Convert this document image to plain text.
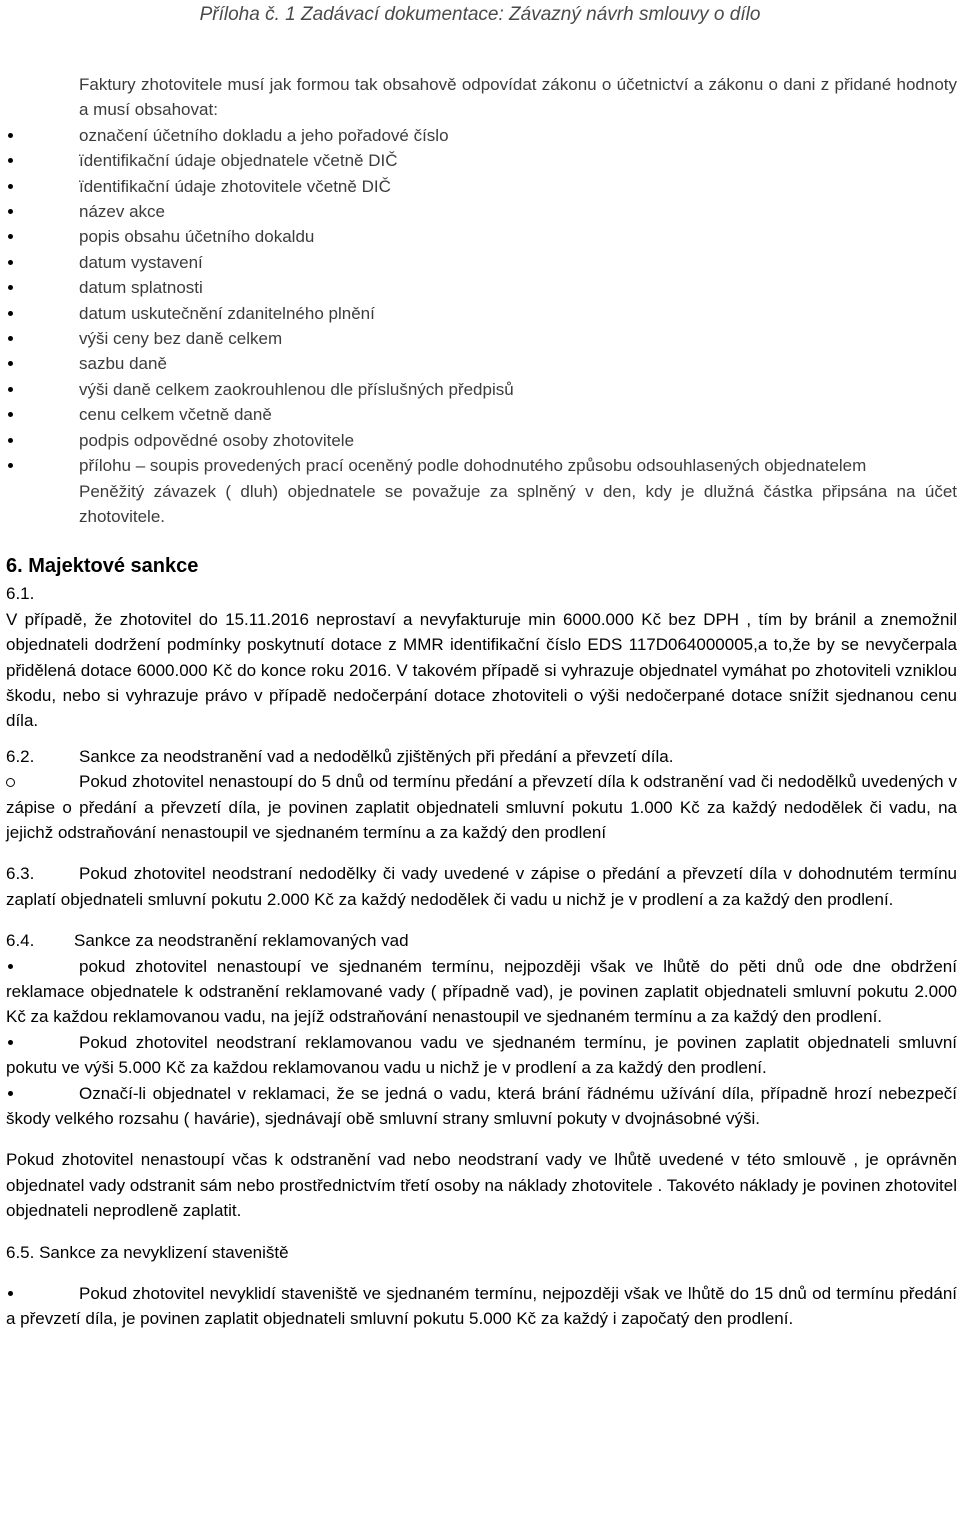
Příloha č. 1 Zadávací dokumentace: Závazný návrh smlouvy o dílo
Faktury zhotovitele musí jak formou tak obsahově odpovídat zákonu o účetnictví a zákonu o dani z přidané hodnoty a musí obsahovat:
označení účetního dokladu a jeho pořadové číslo
ïdentifikační údaje objednatele včetně DIČ
ïdentifikační údaje zhotovitele včetně DIČ
název akce
popis obsahu účetního dokaldu
datum vystavení
datum splatnosti
datum uskutečnění zdanitelného plnění
výši ceny bez daně celkem
sazbu daně
výši daně celkem zaokrouhlenou dle příslušných předpisů
cenu celkem včetně daně
podpis odpovědné osoby zhotovitele
přílohu – soupis provedených prací oceněný podle dohodnutého způsobu odsouhlasených objednatelem
Peněžitý závazek ( dluh) objednatele se považuje za splněný v den, kdy je dlužná částka připsána na účet zhotovitele.
6. Majektové sankce
6.1.
V případě, že zhotovitel do 15.11.2016 neprostaví a nevyfakturuje min 6000.000 Kč bez DPH , tím by bránil a znemožnil objednateli dodržení podmínky poskytnutí dotace z MMR identifikační číslo EDS 117D064000005,a to,že by se nevyčerpala přidělená dotace 6000.000 Kč do konce roku 2016. V takovém případě si vyhrazuje objednatel vymáhat po zhotoviteli vzniklou škodu, nebo si vyhrazuje právo v případě nedočerpání dotace zhotoviteli o výši nedočerpané dotace snížit sjednanou cenu díla.
6.2.	Sankce za neodstranění vad a nedodělků zjištěných při předání a převzetí díla.
Pokud zhotovitel nenastoupí do 5 dnů od termínu předání a převzetí díla k odstranění vad či nedodělků uvedených v zápise o předání a převzetí díla, je povinen zaplatit objednateli smluvní pokutu 1.000 Kč za každý nedodělek či vadu, na jejichž odstraňování nenastoupil ve sjednaném termínu a za každý den prodlení
6.3.	Pokud zhotovitel neodstraní nedodělky či vady uvedené v zápise o předání a převzetí díla v dohodnutém termínu zaplatí objednateli smluvní pokutu 2.000 Kč za každý nedodělek či vadu u nichž je v prodlení a za každý den prodlení.
6.4. Sankce za neodstranění reklamovaných vad
pokud zhotovitel nenastoupí ve sjednaném termínu, nejpozději však ve lhůtě do pěti dnů ode dne obdržení reklamace objednatele k odstranění reklamované vady ( případně vad), je povinen zaplatit objednateli smluvní pokutu 2.000 Kč za každou reklamovanou vadu, na jejíž odstraňování nenastoupil ve sjednaném termínu a za každý den prodlení.
Pokud zhotovitel neodstraní reklamovanou vadu ve sjednaném termínu, je povinen zaplatit objednateli smluvní pokutu ve výši 5.000 Kč za každou reklamovanou vadu u nichž je v prodlení a za každý den prodlení.
Označí-li objednatel v reklamaci, že se jedná o vadu, která brání řádnému užívání díla, případně hrozí nebezpečí škody velkého rozsahu ( havárie), sjednávají obě smluvní strany smluvní pokuty v dvojnásobné výši.
Pokud zhotovitel nenastoupí včas k odstranění vad nebo neodstraní vady ve lhůtě uvedené v této smlouvě , je oprávněn objednatel vady odstranit sám nebo prostřednictvím třetí osoby na náklady zhotovitele . Takovéto náklady je povinen zhotovitel objednateli neprodleně zaplatit.
6.5. Sankce za nevyklizení staveniště
Pokud zhotovitel nevyklidí staveniště ve sjednaném termínu, nejpozději však ve lhůtě do 15 dnů od termínu předání a převzetí díla, je povinen zaplatit objednateli smluvní pokutu 5.000 Kč za každý i započatý den prodlení.
